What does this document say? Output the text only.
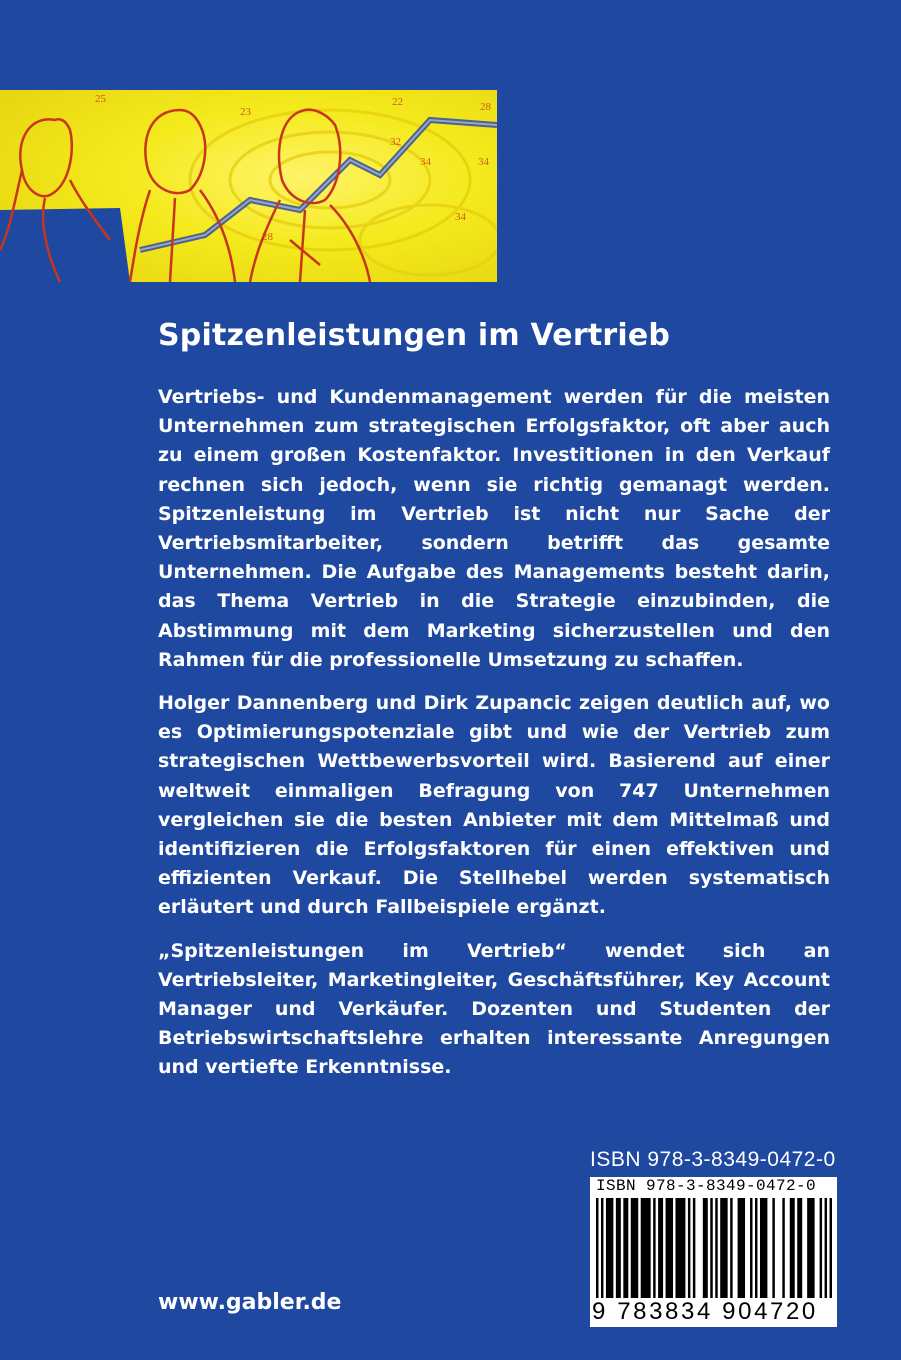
25
23
22
34	34
28
34
32
28
Spitzenleistungen im Vertrieb

Vertriebs- und Kundenmanagement werden für die meisten Unternehmen zum strategischen Erfolgsfaktor, oft aber auch zu einem großen Kostenfaktor. Investitionen in den Verkauf rechnen sich jedoch, wenn sie richtig gemanagt werden. Spitzenleistung im Vertrieb ist nicht nur Sache der Vertriebsmitarbeiter, sondern betrifft das gesamte Unternehmen. Die Aufgabe des Managements besteht darin, das Thema Vertrieb in die Strategie einzubinden, die Abstimmung mit dem Marketing sicherzustellen und den Rahmen für die professionelle Umsetzung zu schaffen.

Holger Dannenberg und Dirk Zupancic zeigen deutlich auf, wo es Optimierungspotenziale gibt und wie der Vertrieb zum strategischen Wettbewerbsvorteil wird. Basierend auf einer weltweit einmaligen Befragung von 747 Unternehmen vergleichen sie die besten Anbieter mit dem Mittelmaß und identifizieren die Erfolgsfaktoren für einen effektiven und effizienten Verkauf. Die Stellhebel werden systematisch erläutert und durch Fallbeispiele ergänzt.

„Spitzenleistungen im Vertrieb“ wendet sich an Vertriebsleiter, Marketingleiter, Geschäftsführer, Key Account Manager und Verkäufer. Dozenten und Studenten der Betriebswirtschaftslehre erhalten interessante Anregungen und vertiefte Erkenntnisse.

ISBN 978-3-8349-0472-0
ISBN 978-3-8349-0472-0
9 783834 904720
www.gabler.de
